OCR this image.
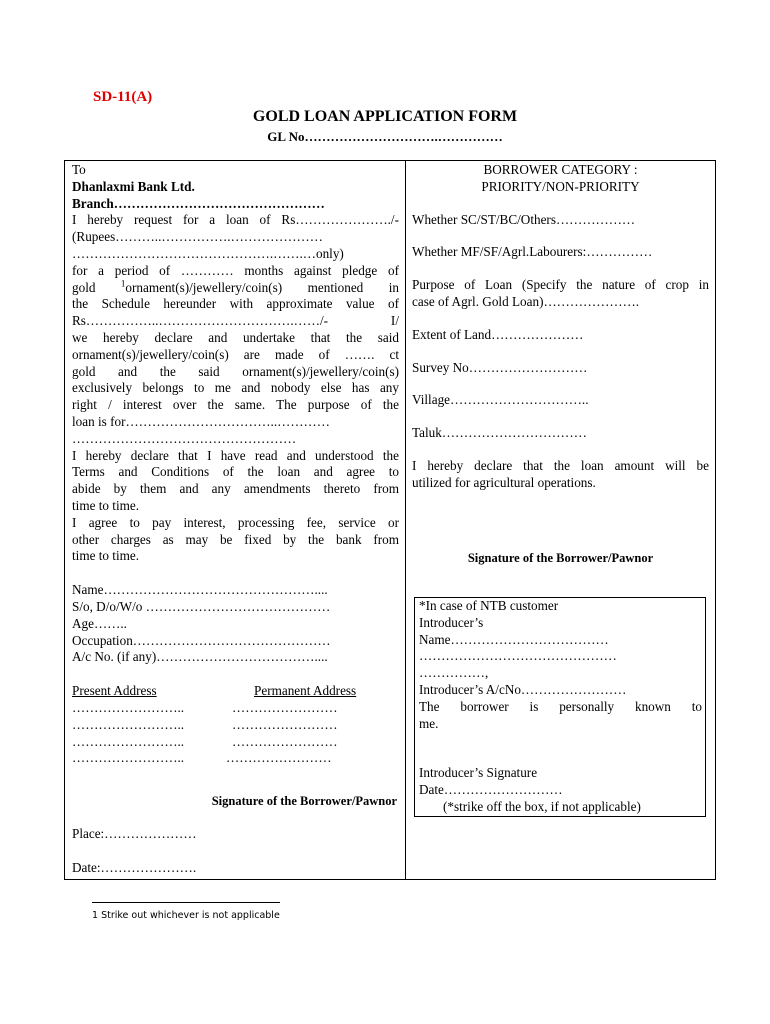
SD-11(A)
GOLD LOAN APPLICATION FORM
GL No………………………….……………
To
Dhanlaxmi Bank Ltd.
Branch…………………………………………
I hereby request for a loan of Rs…………………./-
(Rupees………..…………….…………………
……………………………………….…….…only)
for a period of ………… months against pledge of
gold $^1$ornament(s)/jewellery/coin(s) mentioned in
the Schedule hereunder with approximate value of
Rs……………..………………………….……/- I/
we hereby declare and undertake that the said
ornament(s)/jewellery/coin(s) are made of ……. ct
gold and the said ornament(s)/jewellery/coin(s)
exclusively belongs to me and nobody else has any
right / interest over the same. The purpose of the
loan is for……………………………..…………
……………………………………………
I hereby declare that I have read and understood the
Terms and Conditions of the loan and agree to
abide by them and any amendments thereto from
time to time.
I agree to pay interest, processing fee, service or
other charges as may be fixed by the bank from
time to time.
Name…………………………………………....
S/o, D/o/W/o ……………………………………
Age……..
Occupation………………………………………
A/c No. (if any)………………………………....
Present Address	Permanent Address
……………………..	……………………
……………………..	……………………
……………………..	……………………
……………………..	……………………
Signature of the Borrower/Pawnor
Place:…………………
Date:………………….
BORROWER CATEGORY :
PRIORITY/NON-PRIORITY
Whether SC/ST/BC/Others………………
Whether MF/SF/Agrl.Labourers:……………
Purpose of Loan (Specify the nature of crop in
case of Agrl. Gold Loan)………………….
Extent of Land…………………
Survey No………………………
Village…………………………..
Taluk……………………………
I hereby declare that the loan amount will be
utilized for agricultural operations.
Signature of the Borrower/Pawnor
*In case of NTB customer
Introducer’s
Name………………………………
………………………………………
……………,
Introducer’s A/cNo……………………
The borrower is personally known to
me.
Introducer’s Signature
Date………………………
(*strike off the box, if not applicable)
1 Strike out whichever is not applicable
